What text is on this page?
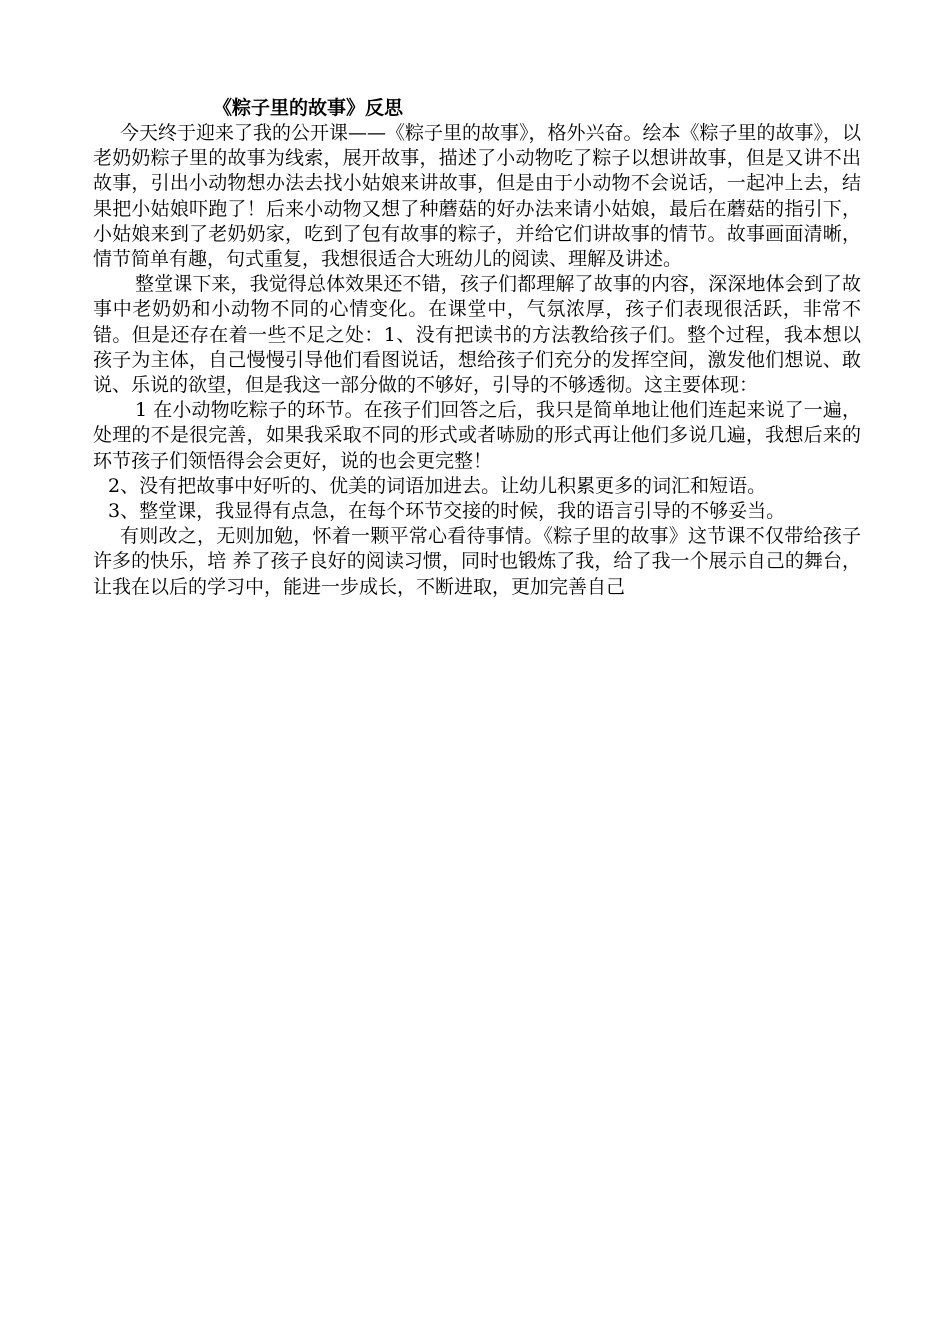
《粽子里的故事》反思

今天终于迎来了我的公开课——《粽子里的故事》，格外兴奋。绘本《粽子里的故事》，以老奶奶粽子里的故事为线索，展开故事，描述了小动物吃了粽子以想讲故事，但是又讲不出故事，引出小动物想办法去找小姑娘来讲故事，但是由于小动物不会说话，一起冲上去，结果把小姑娘吓跑了！后来小动物又想了种蘑菇的好办法来请小姑娘，最后在蘑菇的指引下，小姑娘来到了老奶奶家，吃到了包有故事的粽子，并给它们讲故事的情节。故事画面清晰，情节简单有趣，句式重复，我想很适合大班幼儿的阅读、理解及讲述。

整堂课下来，我觉得总体效果还不错，孩子们都理解了故事的内容，深深地体会到了故事中老奶奶和小动物不同的心情变化。在课堂中，气氛浓厚，孩子们表现很活跃，非常不错。但是还存在着一些不足之处：1、没有把读书的方法教给孩子们。整个过程，我本想以孩子为主体，自己慢慢引导他们看图说话，想给孩子们充分的发挥空间，激发他们想说、敢说、乐说的欲望，但是我这一部分做的不够好，引导的不够透彻。这主要体现：

1 在小动物吃粽子的环节。在孩子们回答之后，我只是简单地让他们连起来说了一遍，处理的不是很完善，如果我采取不同的形式或者哧励的形式再让他们多说几遍，我想后来的环节孩子们领悟得会会更好，说的也会更完整！

2、没有把故事中好听的、优美的词语加进去。让幼儿积累更多的词汇和短语。

3、整堂课，我显得有点急，在每个环节交接的时候，我的语言引导的不够妥当。

有则改之，无则加勉，怀着一颗平常心看待事情。《粽子里的故事》这节课不仅带给孩子许多的快乐，培 养了孩子良好的阅读习惯，同时也锻炼了我，给了我一个展示自己的舞台，让我在以后的学习中，能进一步成长，不断进取，更加完善自己
